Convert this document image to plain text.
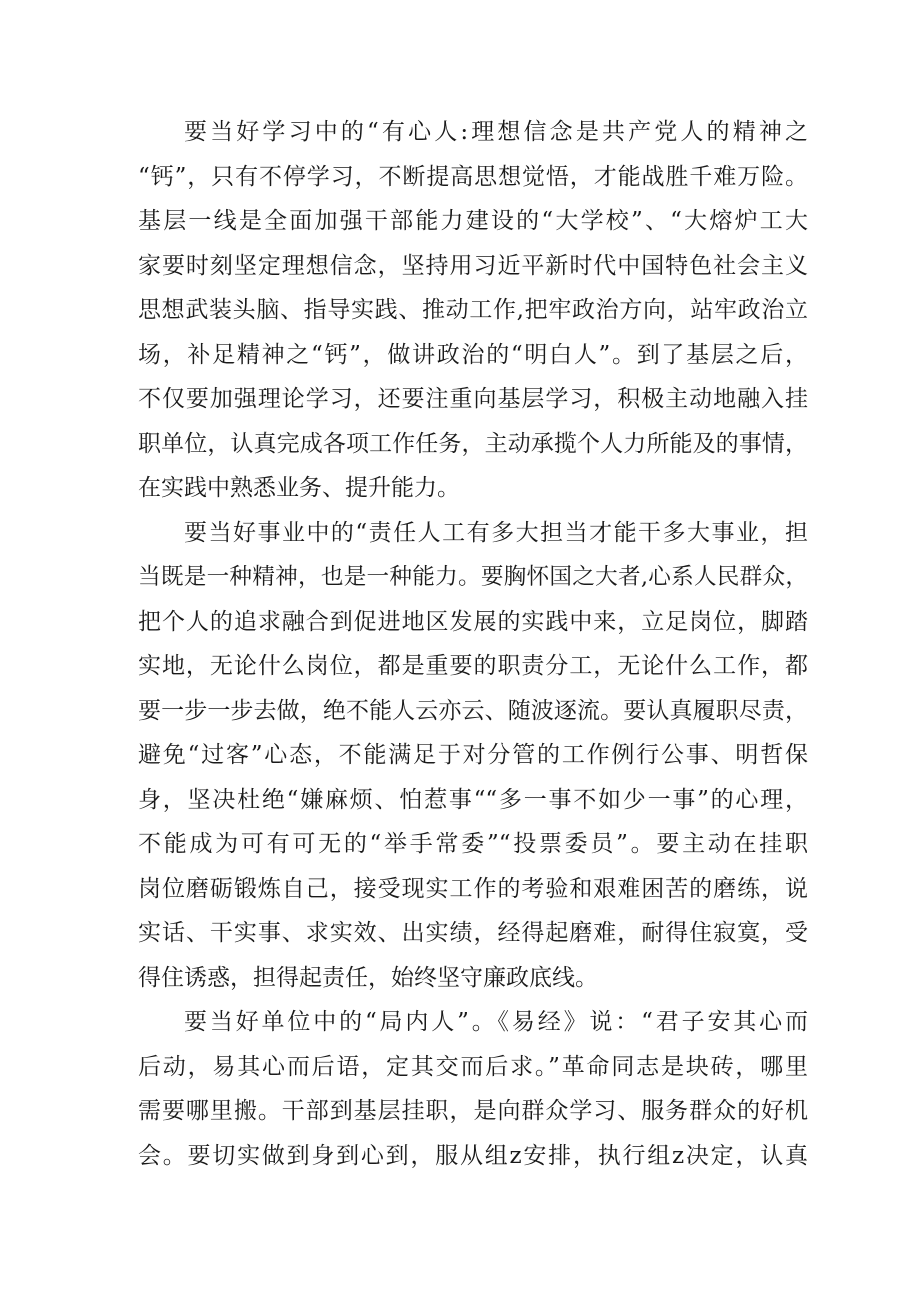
要当好学习中的“有心人:理想信念是共产党人的精神之
“钙”，只有不停学习，不断提高思想觉悟，才能战胜千难万险。
基层一线是全面加强干部能力建设的“大学校”、“大熔炉工大
家要时刻坚定理想信念，坚持用习近平新时代中国特色社会主义
思想武装头脑、指导实践、推动工作,把牢政治方向，站牢政治立
场，补足精神之“钙”，做讲政治的“明白人”。到了基层之后，
不仅要加强理论学习，还要注重向基层学习，积极主动地融入挂
职单位，认真完成各项工作任务，主动承揽个人力所能及的事情，
在实践中熟悉业务、提升能力。
要当好事业中的“责任人工有多大担当才能干多大事业，担
当既是一种精神，也是一种能力。要胸怀国之大者,心系人民群众，
把个人的追求融合到促进地区发展的实践中来，立足岗位，脚踏
实地，无论什么岗位，都是重要的职责分工，无论什么工作，都
要一步一步去做，绝不能人云亦云、随波逐流。要认真履职尽责，
避免“过客”心态，不能满足于对分管的工作例行公事、明哲保
身，坚决杜绝“嫌麻烦、怕惹事““多一事不如少一事”的心理，
不能成为可有可无的“举手常委”“投票委员”。要主动在挂职
岗位磨砺锻炼自己，接受现实工作的考验和艰难困苦的磨练，说
实话、干实事、求实效、出实绩，经得起磨难，耐得住寂寞，受
得住诱惑，担得起责任，始终坚守廉政底线。
要当好单位中的“局内人”。《易经》说：“君子安其心而
后动，易其心而后语，定其交而后求。”革命同志是块砖，哪里
需要哪里搬。干部到基层挂职，是向群众学习、服务群众的好机
会。要切实做到身到心到，服从组z安排，执行组z决定，认真
